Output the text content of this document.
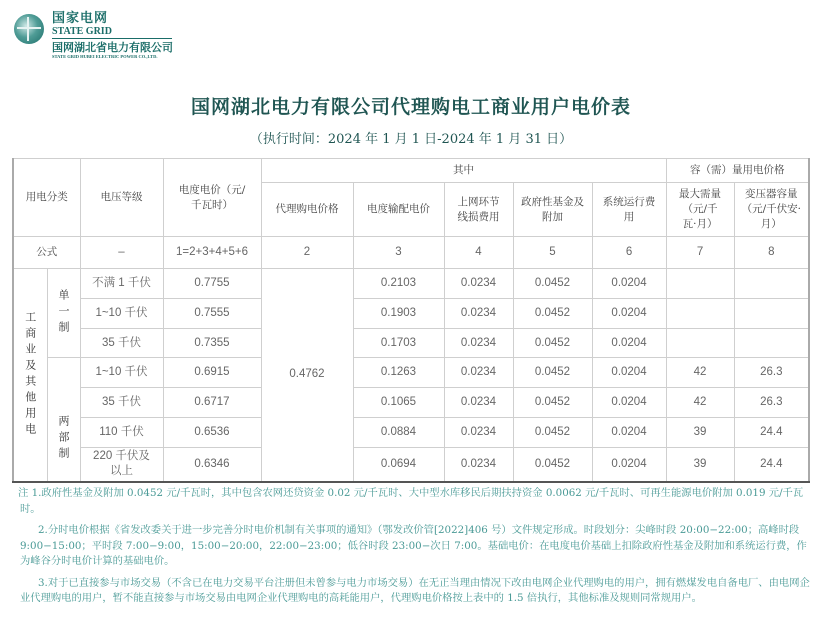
国家电网
STATE GRID
国网湖北省电力有限公司
STATE GRID HUBEI ELECTRIC POWER CO.,LTD.
国网湖北电力有限公司代理购电工商业用户电价表
（执行时间：2024 年 1 月 1 日-2024 年 1 月 31 日）
用电分类		电压等级	电度电价（元/千瓦时）	其中					容（需）量用电价格	
				代理购电价格	电度输配电价	上网环节线损费用	政府性基金及附加	系统运行费用	最大需量（元/千瓦·月）	变压器容量（元/千伏安·月）
公式		–	1=2+3+4+5+6	2	3	4	5	6	7	8

工商业及其他用电	单一制	不满 1 千伏	0.7755	0.4762	0.2103	0.0234	0.0452	0.0204		
		1~10 千伏	0.7555		0.1903	0.0234	0.0452	0.0204		
		35 千伏	0.7355		0.1703	0.0234	0.0452	0.0204		

	两部制	1~10 千伏	0.6915		0.1263	0.0234	0.0452	0.0204	42	26.3
		35 千伏	0.6717		0.1065	0.0234	0.0452	0.0204	42	26.3
		110 千伏	0.6536		0.0884	0.0234	0.0452	0.0204	39	24.4
		220 千伏及以上	0.6346		0.0694	0.0234	0.0452	0.0204	39	24.4

注 1.政府性基金及附加 0.0452 元/千瓦时，其中包含农网还贷资金 0.02 元/千瓦时、大中型水库移民后期扶持资金 0.0062 元/千瓦时、可再生能源电价附加 0.019 元/千瓦时。

2.分时电价根据《省发改委关于进一步完善分时电价机制有关事项的通知》（鄂发改价管[2022]406 号）文件规定形成。时段划分：尖峰时段 20:00−22:00；高峰时段 9:00−15:00；平时段 7:00−9:00，15:00−20:00，22:00−23:00；低谷时段 23:00−次日 7:00。基础电价：在电度电价基础上扣除政府性基金及附加和系统运行费，作为峰谷分时电价计算的基础电价。

3.对于已直接参与市场交易（不含已在电力交易平台注册但未曾参与电力市场交易）在无正当理由情况下改由电网企业代理购电的用户，拥有燃煤发电自备电厂、由电网企业代理购电的用户，暂不能直接参与市场交易由电网企业代理购电的高耗能用户，代理购电价格按上表中的 1.5 倍执行，其他标准及规则同常规用户。
